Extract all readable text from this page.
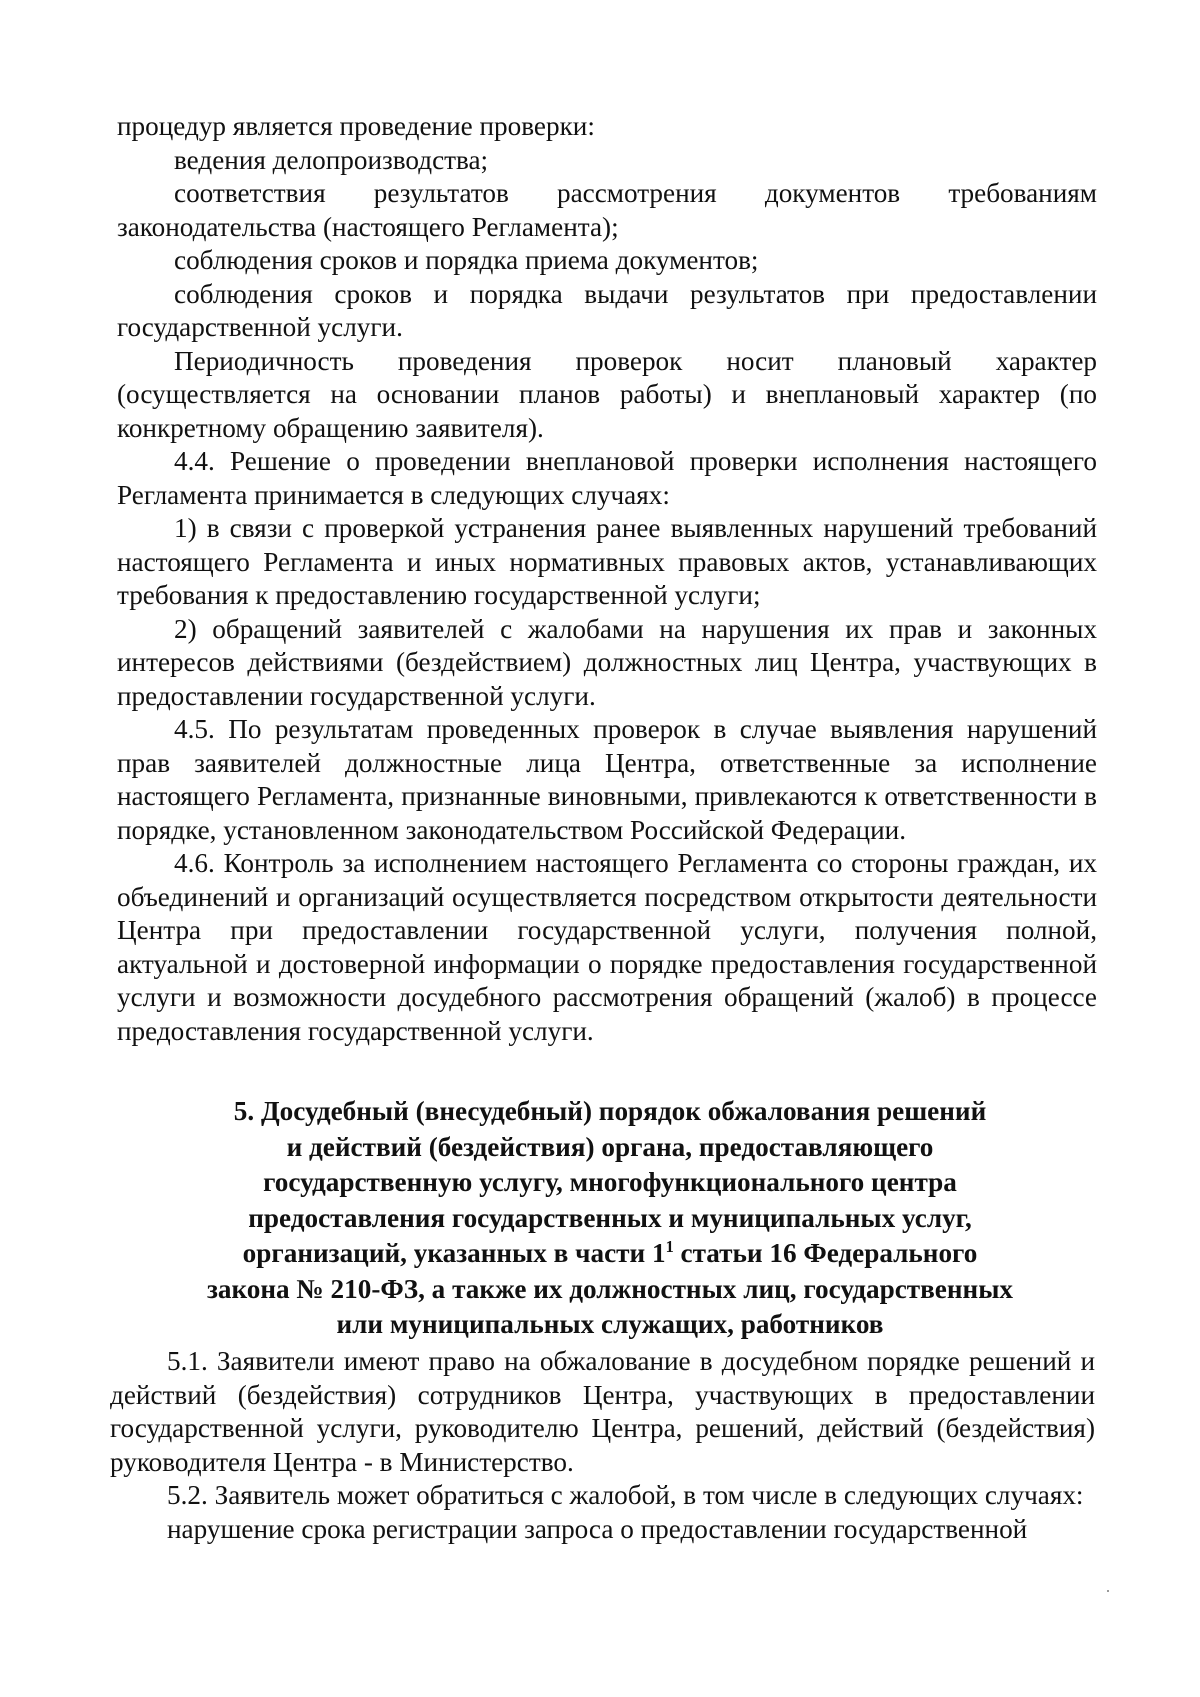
процедур является проведение проверки:

ведения делопроизводства;

соответствия результатов рассмотрения документов требованиям законодательства (настоящего Регламента);

соблюдения сроков и порядка приема документов;

соблюдения сроков и порядка выдачи результатов при предоставлении государственной услуги.

Периодичность проведения проверок носит плановый характер (осуществляется на основании планов работы) и внеплановый характер (по конкретному обращению заявителя).

4.4. Решение о проведении внеплановой проверки исполнения настоящего Регламента принимается в следующих случаях:

1) в связи с проверкой устранения ранее выявленных нарушений требований настоящего Регламента и иных нормативных правовых актов, устанавливающих требования к предоставлению государственной услуги;

2) обращений заявителей с жалобами на нарушения их прав и законных интересов действиями (бездействием) должностных лиц Центра, участвующих в предоставлении государственной услуги.

4.5. По результатам проведенных проверок в случае выявления нарушений прав заявителей должностные лица Центра, ответственные за исполнение настоящего Регламента, признанные виновными, привлекаются к ответственности в порядке, установленном законодательством Российской Федерации.

4.6. Контроль за исполнением настоящего Регламента со стороны граждан, их объединений и организаций осуществляется посредством открытости деятельности Центра при предоставлении государственной услуги, получения полной, актуальной и достоверной информации о порядке предоставления государственной услуги и возможности досудебного рассмотрения обращений (жалоб) в процессе предоставления государственной услуги.

5. Досудебный (внесудебный) порядок обжалования решений
и действий (бездействия) органа, предоставляющего
государственную услугу, многофункционального центра
предоставления государственных и муниципальных услуг,
организаций, указанных в части $1^1$ статьи 16 Федерального
закона № 210-ФЗ, а также их должностных лиц, государственных
или муниципальных служащих, работников

5.1. Заявители имеют право на обжалование в досудебном порядке решений и действий (бездействия) сотрудников Центра, участвующих в предоставлении государственной услуги, руководителю Центра, решений, действий (бездействия) руководителя Центра - в Министерство.

5.2. Заявитель может обратиться с жалобой, в том числе в следующих случаях:

нарушение срока регистрации запроса о предоставлении государственной
